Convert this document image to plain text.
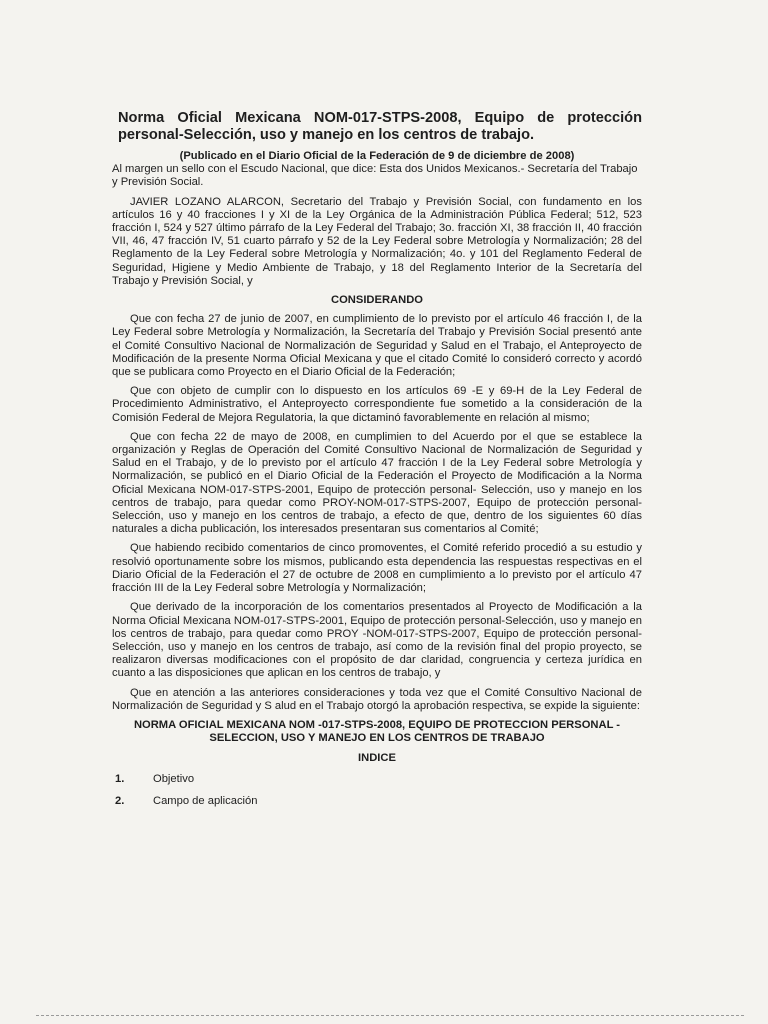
Norma Oficial Mexicana NOM-017-STPS-2008, Equipo de protección personal-Selección, uso y manejo en los centros de trabajo.
(Publicado en el Diario Oficial de la Federación de 9 de diciembre de 2008)

Al margen un sello con el Escudo Nacional, que dice: Esta dos Unidos Mexicanos.- Secretaría del Trabajo
y Previsión Social.

JAVIER LOZANO ALARCON, Secretario del Trabajo y Previsión Social, con fundamento en los artículos 16 y 40 fracciones I y XI de la Ley Orgánica de la Administración Pública Federal; 512, 523 fracción I, 524 y 527 último párrafo de la Ley Federal del Trabajo; 3o. fracción XI, 38 fracción II, 40 fracción VII, 46, 47 fracción IV, 51 cuarto párrafo y 52 de la Ley Federal sobre Metrología y Normalización; 28 del Reglamento de la Ley Federal sobre Metrología y Normalización; 4o. y 101 del Reglamento Federal de Seguridad, Higiene y Medio Ambiente de Trabajo, y 18 del Reglamento Interior de la Secretaría del Trabajo y Previsión Social, y

CONSIDERANDO

Que con fecha 27 de junio de 2007, en cumplimiento de lo previsto por el artículo 46 fracción I, de la Ley Federal sobre Metrología y Normalización, la Secretaría del Trabajo y Previsión Social presentó ante el Comité Consultivo Nacional de Normalización de Seguridad y Salud en el Trabajo, el Anteproyecto de Modificación de la presente Norma Oficial Mexicana y que el citado Comité lo consideró correcto y acordó que se publicara como Proyecto en el Diario Oficial de la Federación;

Que con objeto de cumplir con lo dispuesto en los artículos 69 -E y 69-H de la Ley Federal de Procedimiento Administrativo, el Anteproyecto correspondiente fue sometido a la consideración de la Comisión Federal de Mejora Regulatoria, la que dictaminó favorablemente en relación al mismo;

Que con fecha 22 de mayo de 2008, en cumplimien to del Acuerdo por el que se establece la organización y Reglas de Operación del Comité Consultivo Nacional de Normalización de Seguridad y Salud en el Trabajo, y de lo previsto por el artículo 47 fracción I de la Ley Federal sobre Metrología y Normalización, se publicó en el Diario Oficial de la Federación el Proyecto de Modificación a la Norma Oficial Mexicana NOM-017-STPS-2001, Equipo de protección personal- Selección, uso y manejo en los centros de trabajo, para quedar como PROY-NOM-017-STPS-2007, Equipo de protección personal-Selección, uso y manejo en los centros de trabajo, a efecto de que, dentro de los siguientes 60 días naturales a dicha publicación, los interesados presentaran sus comentarios al Comité;

Que habiendo recibido comentarios de cinco promoventes, el Comité referido procedió a su estudio y resolvió oportunamente sobre los mismos, publicando esta dependencia las respuestas respectivas en el Diario Oficial de la Federación el 27 de octubre de 2008 en cumplimiento a lo previsto por el artículo 47 fracción III de la Ley Federal sobre Metrología y Normalización;

Que derivado de la incorporación de los comentarios presentados al Proyecto de Modificación a la Norma Oficial Mexicana NOM-017-STPS-2001, Equipo de protección personal-Selección, uso y manejo en los centros de trabajo, para quedar como PROY -NOM-017-STPS-2007, Equipo de protección personal-Selección, uso y manejo en los centros de trabajo, así como de la revisión final del propio proyecto, se realizaron diversas modificaciones con el propósito de dar claridad, congruencia y certeza jurídica en cuanto a las disposiciones que aplican en los centros de trabajo, y

Que en atención a las anteriores consideraciones y toda vez que el Comité Consultivo Nacional de Normalización de Seguridad y S alud en el Trabajo otorgó la aprobación respectiva, se expide la siguiente:

NORMA OFICIAL MEXICANA NOM -017-STPS-2008, EQUIPO DE PROTECCION PERSONAL -
SELECCION, USO Y MANEJO EN LOS CENTROS DE TRABAJO
INDICE
1.	Objetivo
2.	Campo de aplicación
